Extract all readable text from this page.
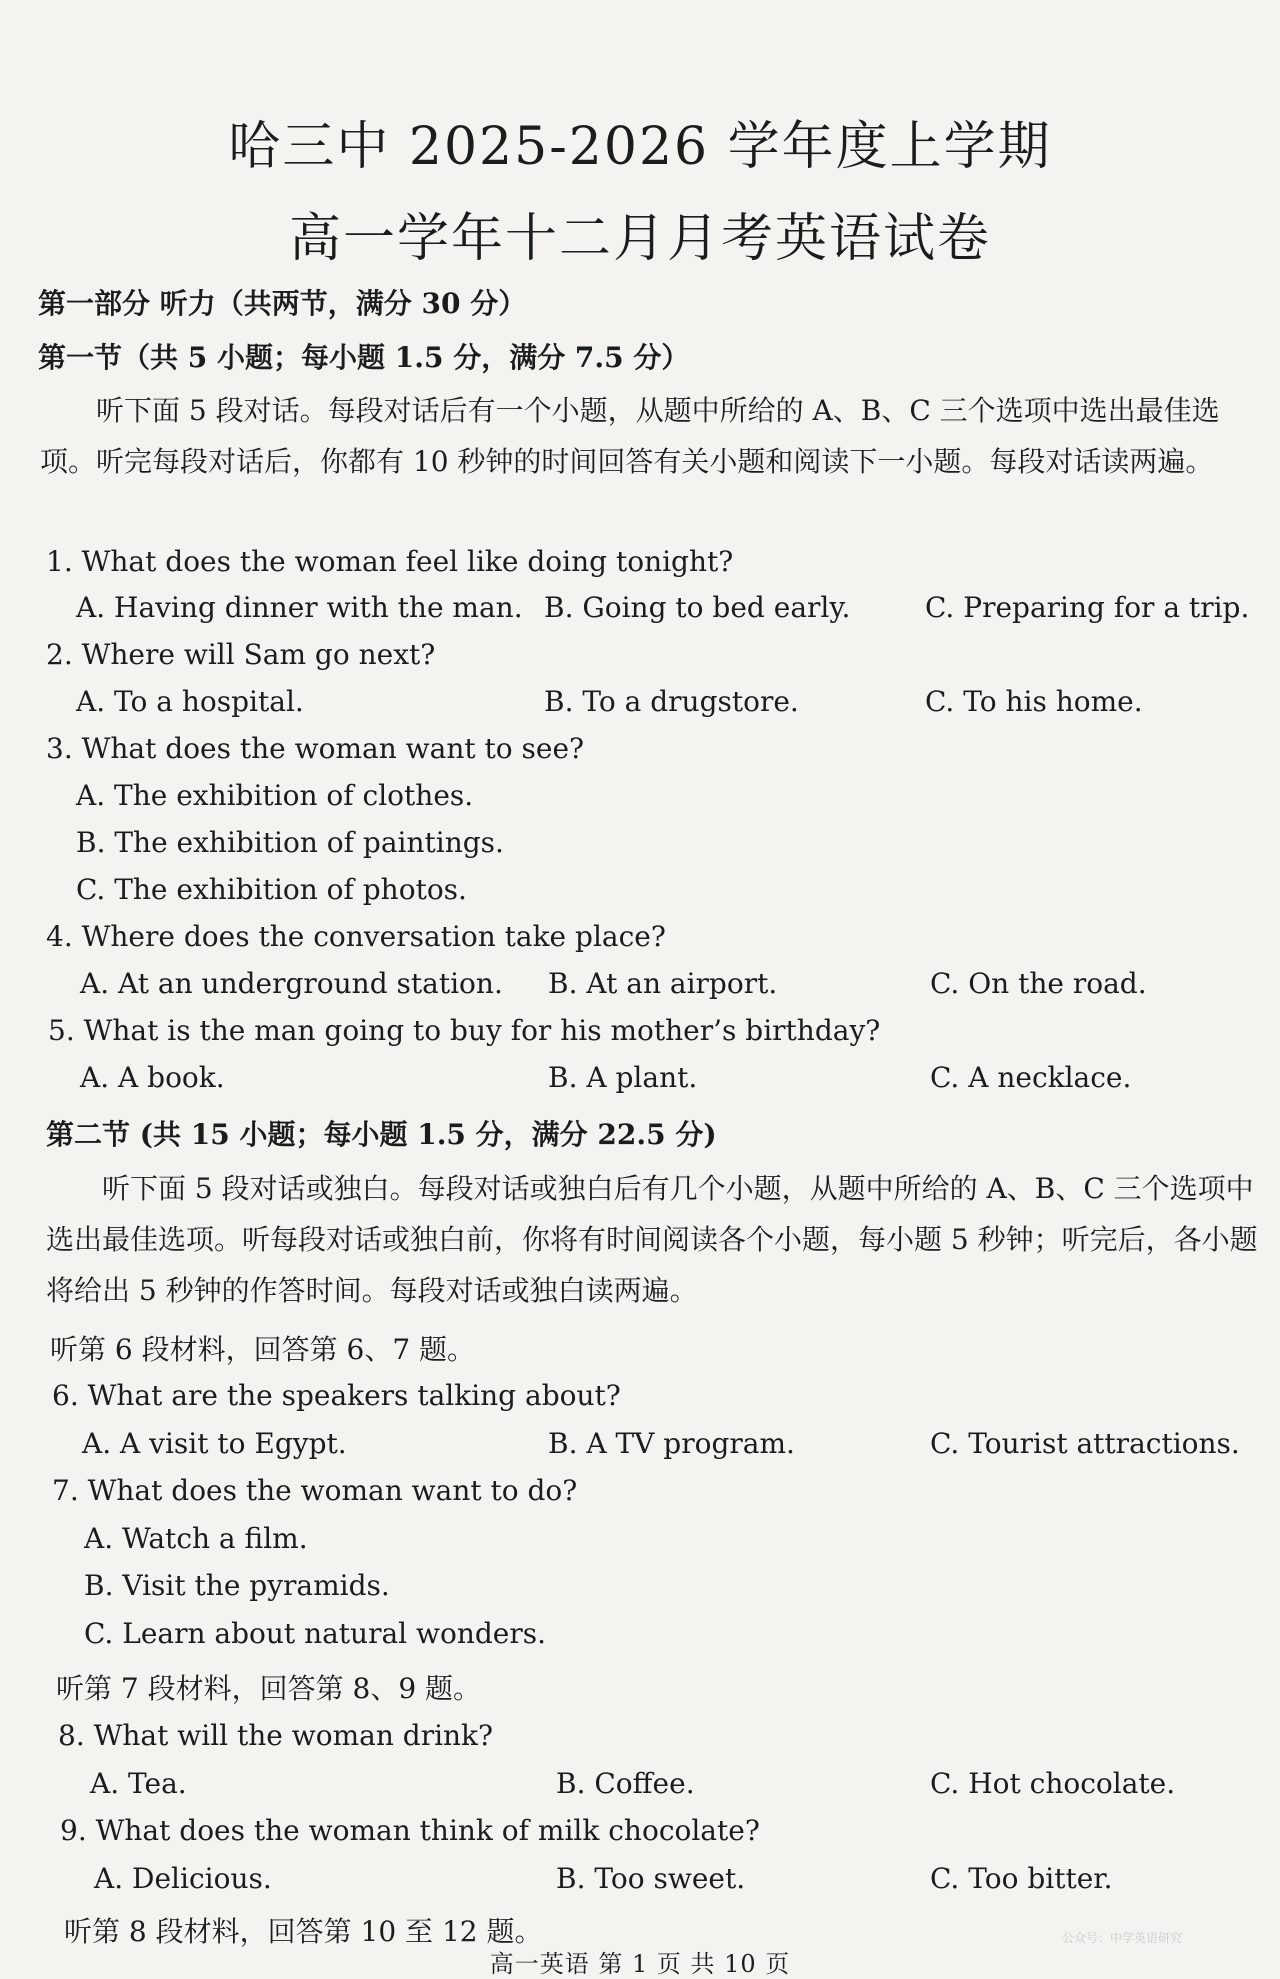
哈三中 2025-2026 学年度上学期
高一学年十二月月考英语试卷
第一部分 听力（共两节，满分 30 分）
第一节（共 5 小题；每小题 1.5 分，满分 7.5 分）
听下面 5 段对话。每段对话后有一个小题，从题中所给的 A、B、C 三个选项中选出最佳选项。听完每段对话后，你都有 10 秒钟的时间回答有关小题和阅读下一小题。每段对话读两遍。
1. What does the woman feel like doing tonight?
A. Having dinner with the man. B. Going to bed early.	C. Preparing for a trip.
2. Where will Sam go next?
A. To a hospital.	B. To a drugstore.	C. To his home.
3. What does the woman want to see?
A. The exhibition of clothes.
B. The exhibition of paintings.
C. The exhibition of photos.
4. Where does the conversation take place?
A. At an underground station. B. At an airport.	C. On the road.
5. What is the man going to buy for his mother’s birthday?
A. A book.	B. A plant.	C. A necklace.
第二节 (共 15 小题；每小题 1.5 分，满分 22.5 分)
听下面 5 段对话或独白。每段对话或独白后有几个小题，从题中所给的 A、B、C 三个选项中选出最佳选项。听每段对话或独白前，你将有时间阅读各个小题，每小题 5 秒钟；听完后，各小题将给出 5 秒钟的作答时间。每段对话或独白读两遍。
听第 6 段材料，回答第 6、7 题。
6. What are the speakers talking about?
A. A visit to Egypt.	B. A TV program.	C. Tourist attractions.
7. What does the woman want to do?
A. Watch a film.
B. Visit the pyramids.
C. Learn about natural wonders.
听第 7 段材料，回答第 8、9 题。
8. What will the woman drink?
A. Tea.	B. Coffee.	C. Hot chocolate.
9. What does the woman think of milk chocolate?
A. Delicious.	B. Too sweet.	C. Too bitter.
听第 8 段材料，回答第 10 至 12 题。	公众号：中学英语研究
高一英语 第 1 页 共 10 页
